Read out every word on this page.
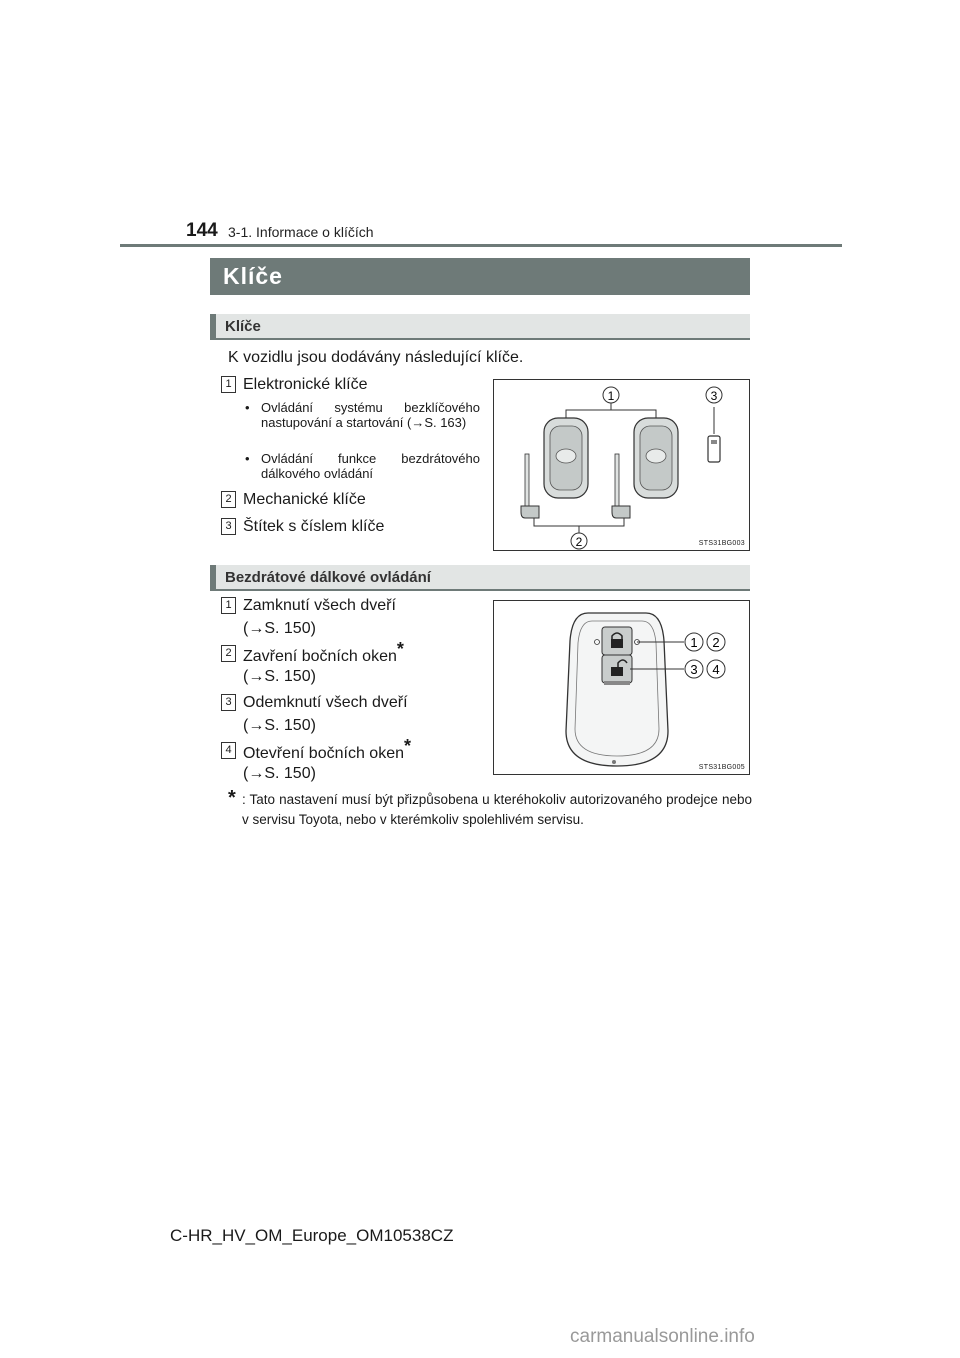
144 3-1. Informace o klíčích
Klíče
Klíče
K vozidlu jsou dodávány následující klíče.
1 Elektronické klíče
• Ovládání systému bezklíčového nastupování a startování (→S. 163)
• Ovládání funkce bezdrátového dálkového ovládání
2 Mechanické klíče
3 Štítek s číslem klíče
1	3
2	STS31BG003
Bezdrátové dálkové ovládání
1 Zamknutí všech dveří
(→S. 150)
2 Zavření bočních oken*
(→S. 150)
3 Odemknutí všech dveří
(→S. 150)
4 Otevření bočních oken*
(→S. 150)
1 2
3 4
STS31BG005
* : Tato nastavení musí být přizpůsobena u kteréhokoliv autorizovaného prodejce nebo v servisu Toyota, nebo v kterémkoliv spolehlivém servisu.
C-HR_HV_OM_Europe_OM10538CZ
carmanualsonline.info
